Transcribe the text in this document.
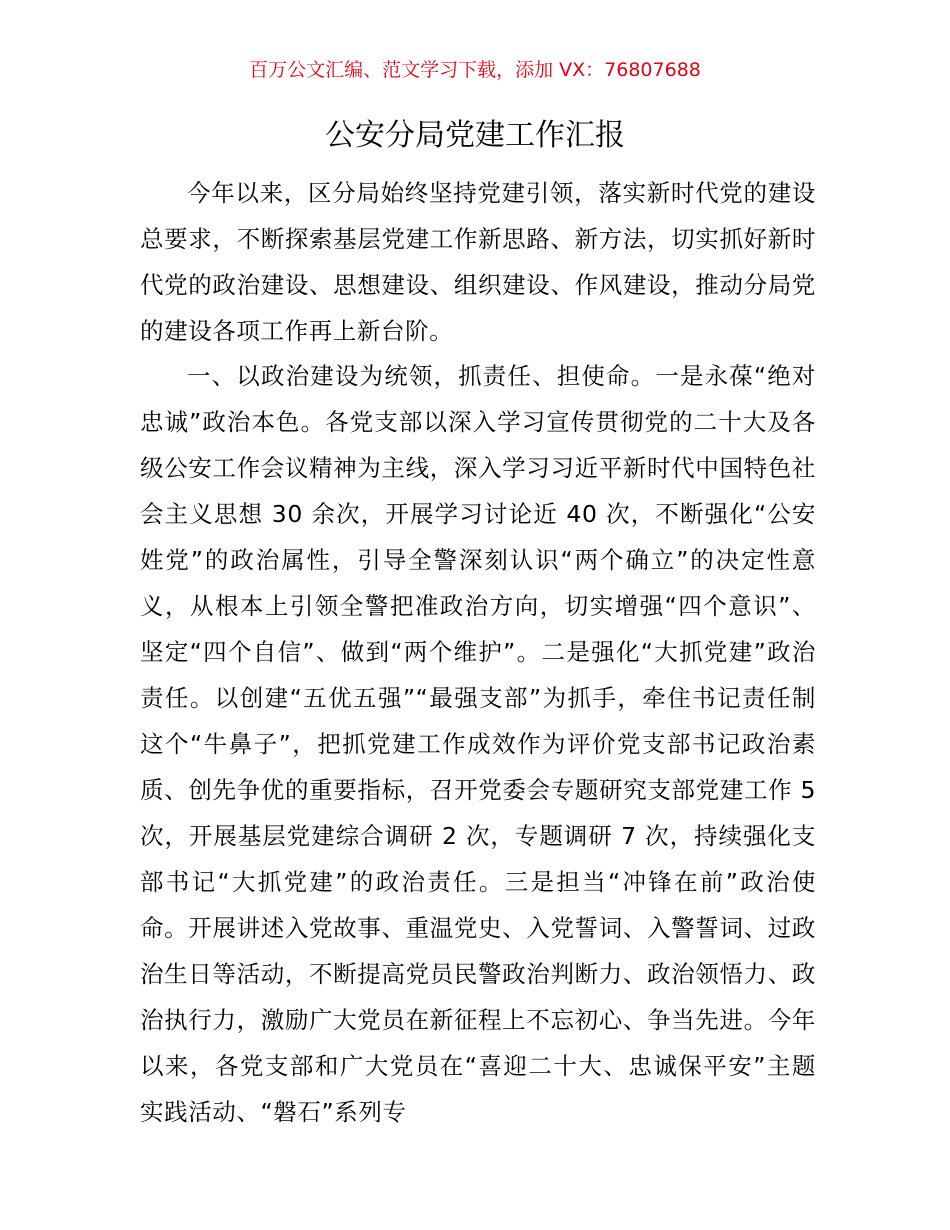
百万公文汇编、范文学习下载，添加 VX：76807688
公安分局党建工作汇报

今年以来，区分局始终坚持党建引领，落实新时代党的建设总要求，不断探索基层党建工作新思路、新方法，切实抓好新时代党的政治建设、思想建设、组织建设、作风建设，推动分局党的建设各项工作再上新台阶。

一、以政治建设为统领，抓责任、担使命。一是永葆“绝对忠诚”政治本色。各党支部以深入学习宣传贯彻党的二十大及各级公安工作会议精神为主线，深入学习习近平新时代中国特色社会主义思想 30 余次，开展学习讨论近 40 次，不断强化“公安姓党”的政治属性，引导全警深刻认识“两个确立”的决定性意义，从根本上引领全警把准政治方向，切实增强“四个意识”、坚定“四个自信”、做到“两个维护”。二是强化“大抓党建”政治责任。以创建“五优五强”“最强支部”为抓手，牵住书记责任制这个“牛鼻子”，把抓党建工作成效作为评价党支部书记政治素质、创先争优的重要指标，召开党委会专题研究支部党建工作 5 次，开展基层党建综合调研 2 次，专题调研 7 次，持续强化支部书记“大抓党建”的政治责任。三是担当“冲锋在前”政治使命。开展讲述入党故事、重温党史、入党誓词、入警誓词、过政治生日等活动，不断提高党员民警政治判断力、政治领悟力、政治执行力，激励广大党员在新征程上不忘初心、争当先进。今年以来，各党支部和广大党员在“喜迎二十大、忠诚保平安”主题实践活动、“磐石”系列专
